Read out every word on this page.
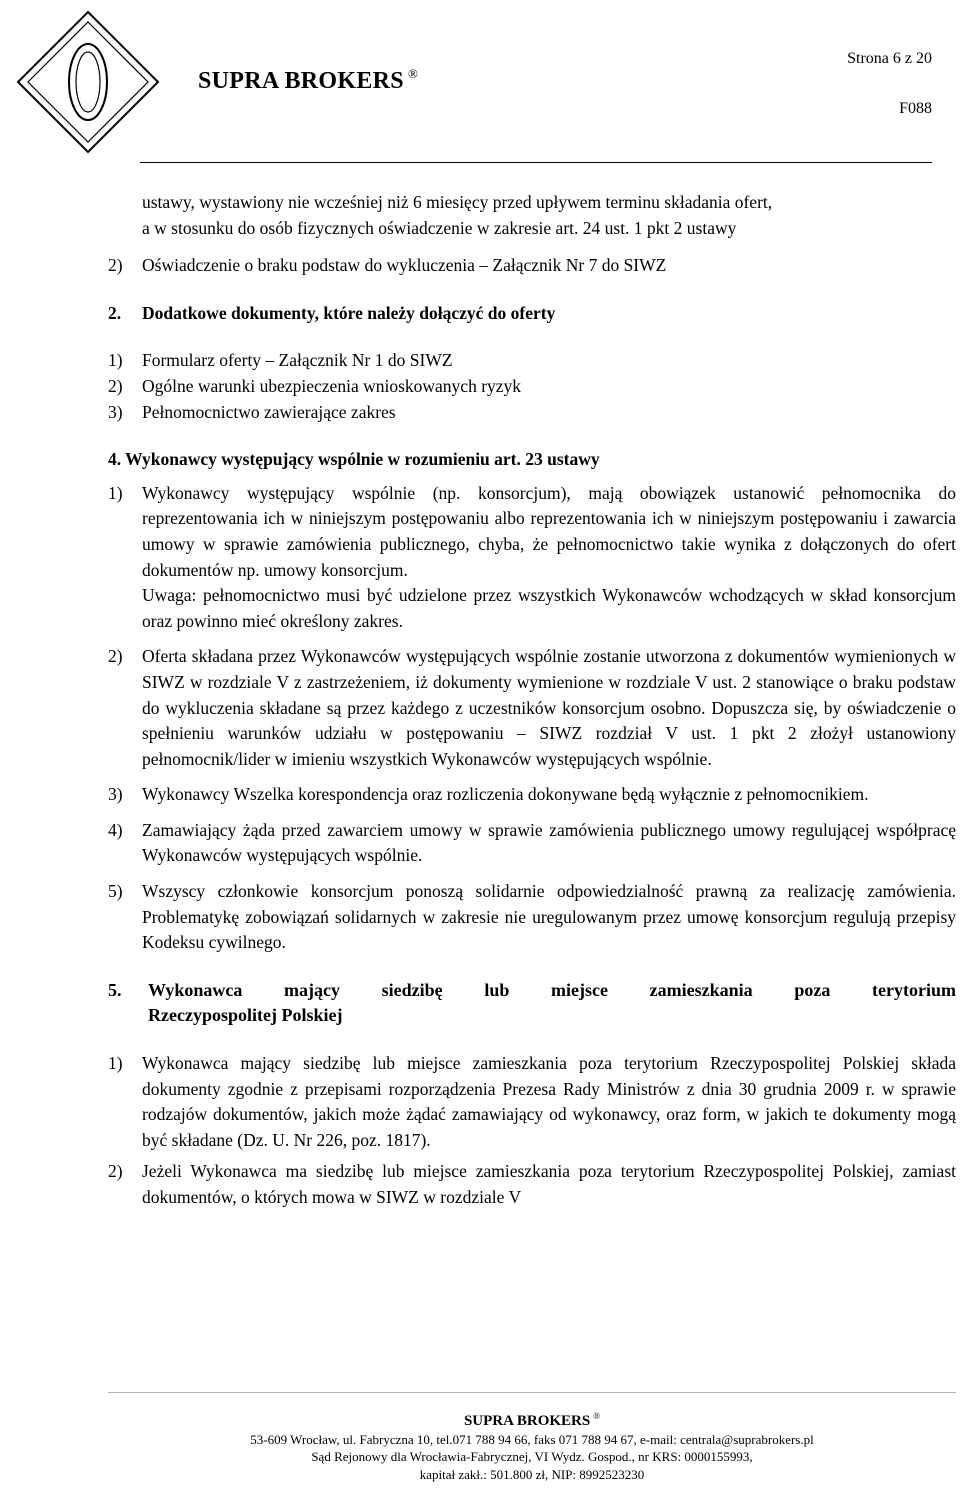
SUPRA BROKERS ®
Strona 6 z 20
F088

ustawy, wystawiony nie wcześniej niż 6 miesięcy przed upływem terminu składania ofert,

a w stosunku do osób fizycznych oświadczenie w zakresie art. 24 ust. 1 pkt 2 ustawy

2)	Oświadczenie o braku podstaw do wykluczenia – Załącznik Nr 7 do SIWZ
2.	Dodatkowe dokumenty, które należy dołączyć do oferty
1)	Formularz oferty – Załącznik Nr 1 do SIWZ
2)	Ogólne warunki ubezpieczenia wnioskowanych ryzyk
3)	Pełnomocnictwo zawierające zakres

4. Wykonawcy występujący wspólnie w rozumieniu art. 23 ustawy

1)	Wykonawcy występujący wspólnie (np. konsorcjum), mają obowiązek ustanowić pełnomocnika do reprezentowania ich w niniejszym postępowaniu albo reprezentowania ich w niniejszym postępowaniu i zawarcia umowy w sprawie zamówienia publicznego, chyba, że pełnomocnictwo takie wynika z dołączonych do ofert dokumentów np. umowy konsorcjum.

Uwaga: pełnomocnictwo musi być udzielone przez wszystkich Wykonawców wchodzących w skład konsorcjum oraz powinno mieć określony zakres.

2)	Oferta składana przez Wykonawców występujących wspólnie zostanie utworzona z dokumentów wymienionych w SIWZ w rozdziale V z zastrzeżeniem, iż dokumenty wymienione w rozdziale V ust. 2 stanowiące o braku podstaw do wykluczenia składane są przez każdego z uczestników konsorcjum osobno. Dopuszcza się, by oświadczenie o spełnieniu warunków udziału w postępowaniu – SIWZ rozdział V ust. 1 pkt 2 złożył ustanowiony pełnomocnik/lider w imieniu wszystkich Wykonawców występujących wspólnie.
3)	Wykonawcy Wszelka korespondencja oraz rozliczenia dokonywane będą wyłącznie z pełnomocnikiem.
4)	Zamawiający żąda przed zawarciem umowy w sprawie zamówienia publicznego umowy regulującej współpracę Wykonawców występujących wspólnie.
5)	Wszyscy członkowie konsorcjum ponoszą solidarnie odpowiedzialność prawną za realizację zamówienia. Problematykę zobowiązań solidarnych w zakresie nie uregulowanym przez umowę konsorcjum regulują przepisy Kodeksu cywilnego.
5.	Wykonawca mający siedzibę lub miejsce zamieszkania poza terytorium
Rzeczypospolitej Polskiej
1)	Wykonawca mający siedzibę lub miejsce zamieszkania poza terytorium Rzeczypospolitej Polskiej składa dokumenty zgodnie z przepisami rozporządzenia Prezesa Rady Ministrów z dnia 30 grudnia 2009 r. w sprawie rodzajów dokumentów, jakich może żądać zamawiający od wykonawcy, oraz form, w jakich te dokumenty mogą być składane (Dz. U. Nr 226, poz. 1817).
2)	Jeżeli Wykonawca ma siedzibę lub miejsce zamieszkania poza terytorium Rzeczypospolitej Polskiej, zamiast dokumentów, o których mowa w SIWZ w rozdziale V
SUPRA BROKERS ®
53-609 Wrocław, ul. Fabryczna 10, tel.071 788 94 66, faks 071 788 94 67, e-mail: centrala@suprabrokers.pl
Sąd Rejonowy dla Wrocławia-Fabrycznej, VI Wydz. Gospod., nr KRS: 0000155993,
kapitał zakł.: 501.800 zł, NIP: 8992523230
